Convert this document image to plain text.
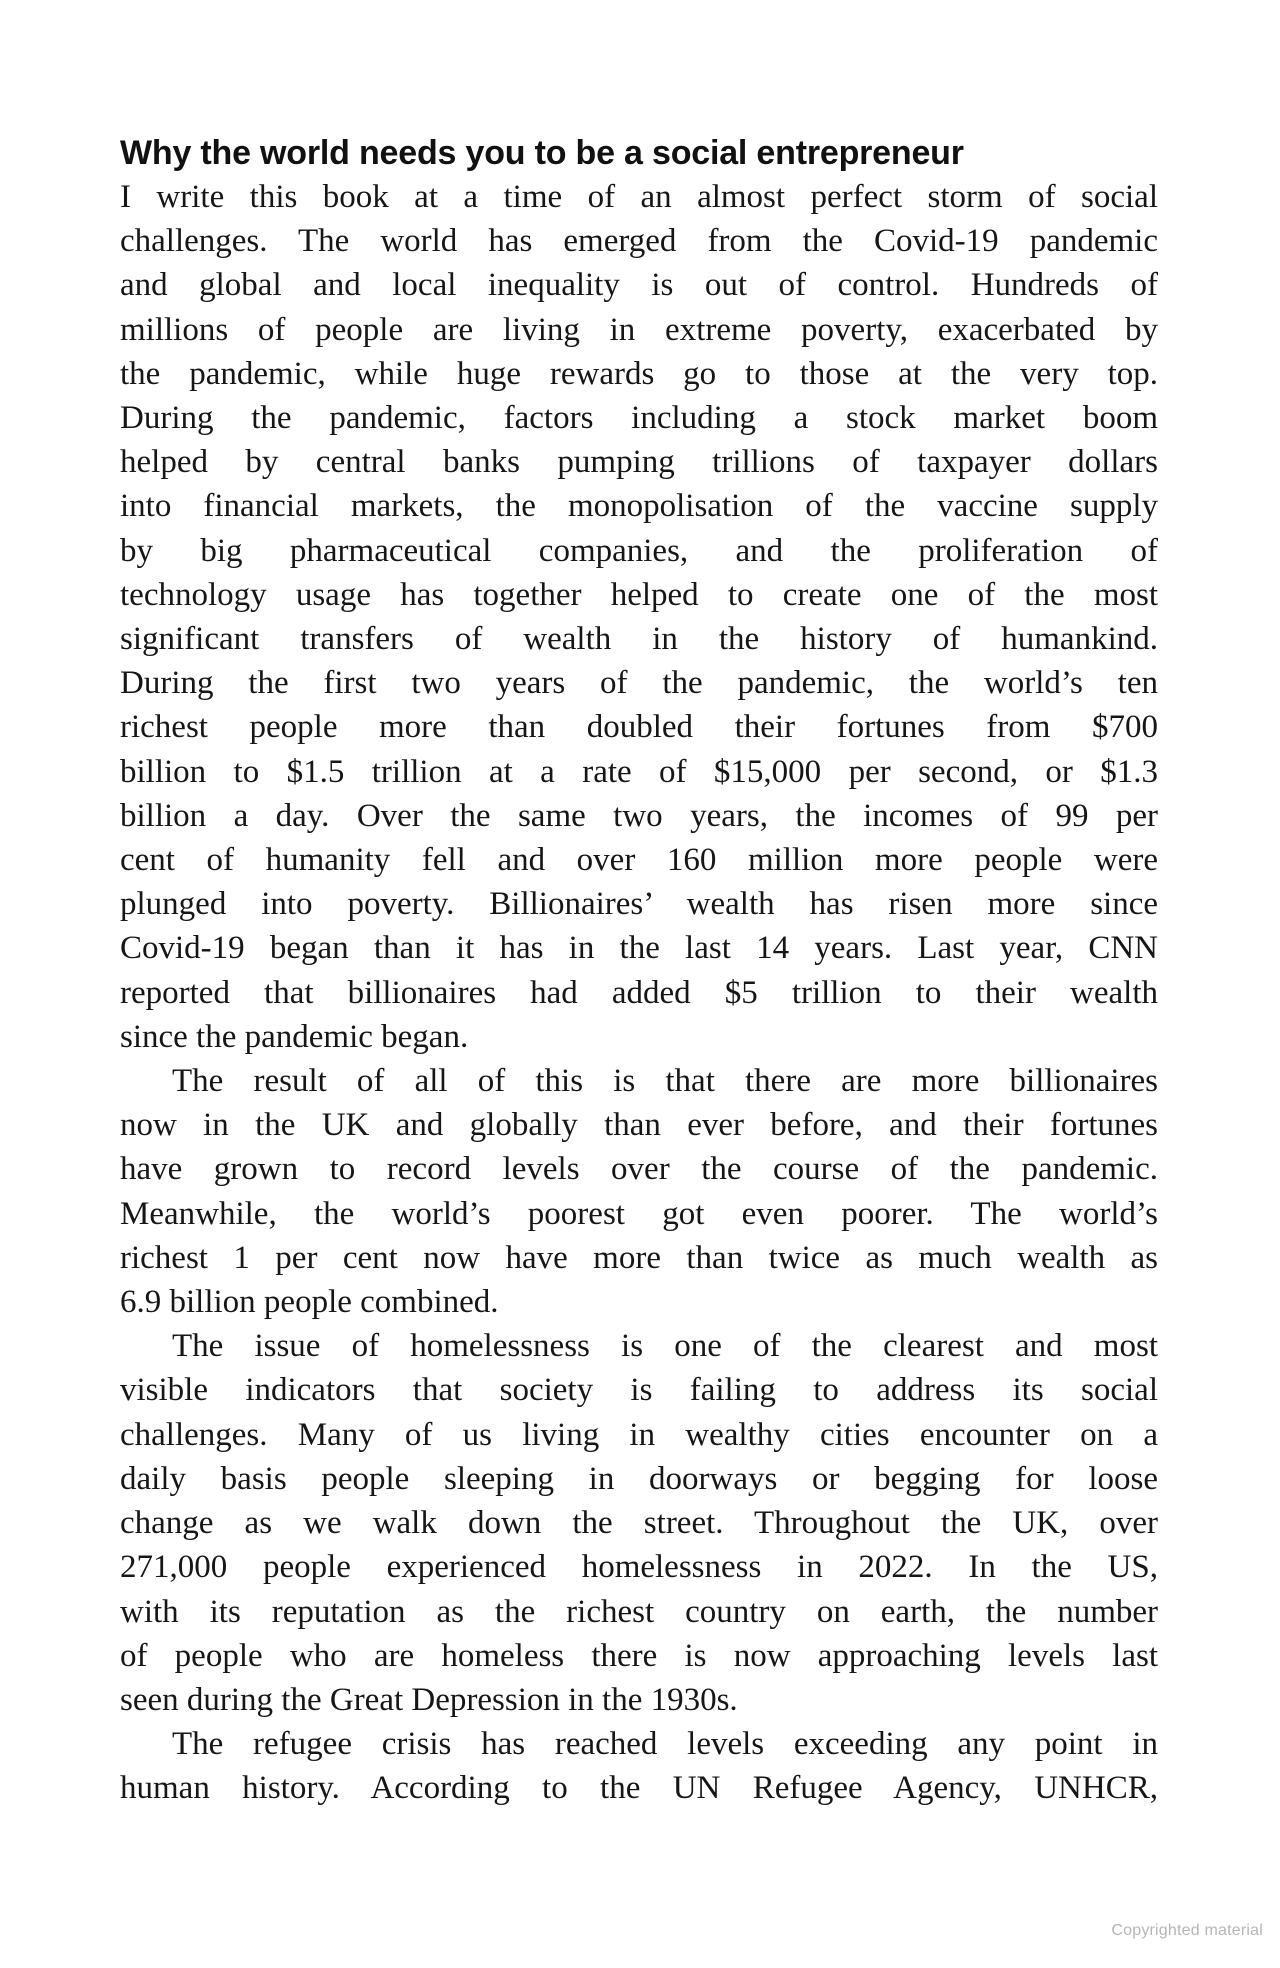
Why the world needs you to be a social entrepreneur
I write this book at a time of an almost perfect storm of social
challenges. The world has emerged from the Covid-19 pandemic
and global and local inequality is out of control. Hundreds of
millions of people are living in extreme poverty, exacerbated by
the pandemic, while huge rewards go to those at the very top.
During the pandemic, factors including a stock market boom
helped by central banks pumping trillions of taxpayer dollars
into financial markets, the monopolisation of the vaccine supply
by big pharmaceutical companies, and the proliferation of
technology usage has together helped to create one of the most
significant transfers of wealth in the history of humankind.
During the first two years of the pandemic, the world’s ten
richest people more than doubled their fortunes from $700
billion to $1.5 trillion at a rate of $15,000 per second, or $1.3
billion a day. Over the same two years, the incomes of 99 per
cent of humanity fell and over 160 million more people were
plunged into poverty. Billionaires’ wealth has risen more since
Covid-19 began than it has in the last 14 years. Last year, CNN
reported that billionaires had added $5 trillion to their wealth
since the pandemic began.
The result of all of this is that there are more billionaires
now in the UK and globally than ever before, and their fortunes
have grown to record levels over the course of the pandemic.
Meanwhile, the world’s poorest got even poorer. The world’s
richest 1 per cent now have more than twice as much wealth as
6.9 billion people combined.
The issue of homelessness is one of the clearest and most
visible indicators that society is failing to address its social
challenges. Many of us living in wealthy cities encounter on a
daily basis people sleeping in doorways or begging for loose
change as we walk down the street. Throughout the UK, over
271,000 people experienced homelessness in 2022. In the US,
with its reputation as the richest country on earth, the number
of people who are homeless there is now approaching levels last
seen during the Great Depression in the 1930s.
The refugee crisis has reached levels exceeding any point in
human history. According to the UN Refugee Agency, UNHCR,
Copyrighted material
